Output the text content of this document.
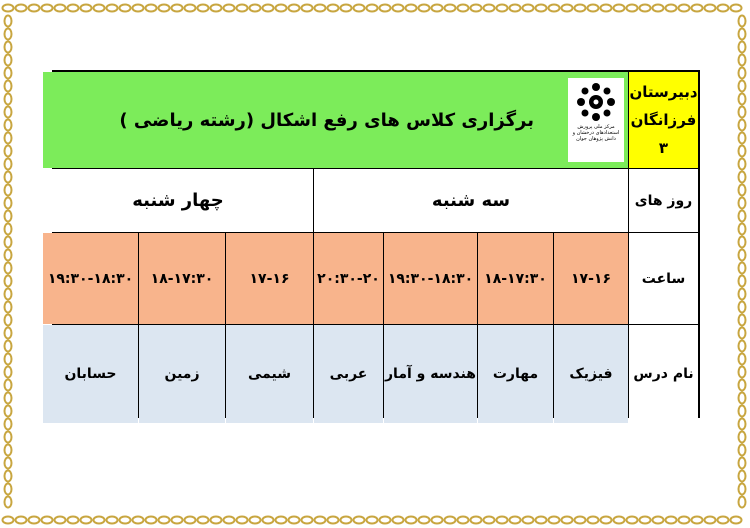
دبیرستان
فرزانگان ۳
مرکز ملی پرورش استعدادهای درخشان و دانش پژوهان جوان
برگزاری کلاس های رفع اشکال (رشته ریاضی )
روز های
سه شنبه
چهار شنبه
ساعت
۱۷-۱۶
۱۸-۱۷:۳۰
۱۹:۳۰-۱۸:۳۰
۲۰:۳۰-۲۰
۱۷-۱۶
۱۸-۱۷:۳۰
۱۹:۳۰-۱۸:۳۰
نام درس
فیزیک
مهارت
هندسه و آمار
عربی
شیمی
زمین
حسابان
